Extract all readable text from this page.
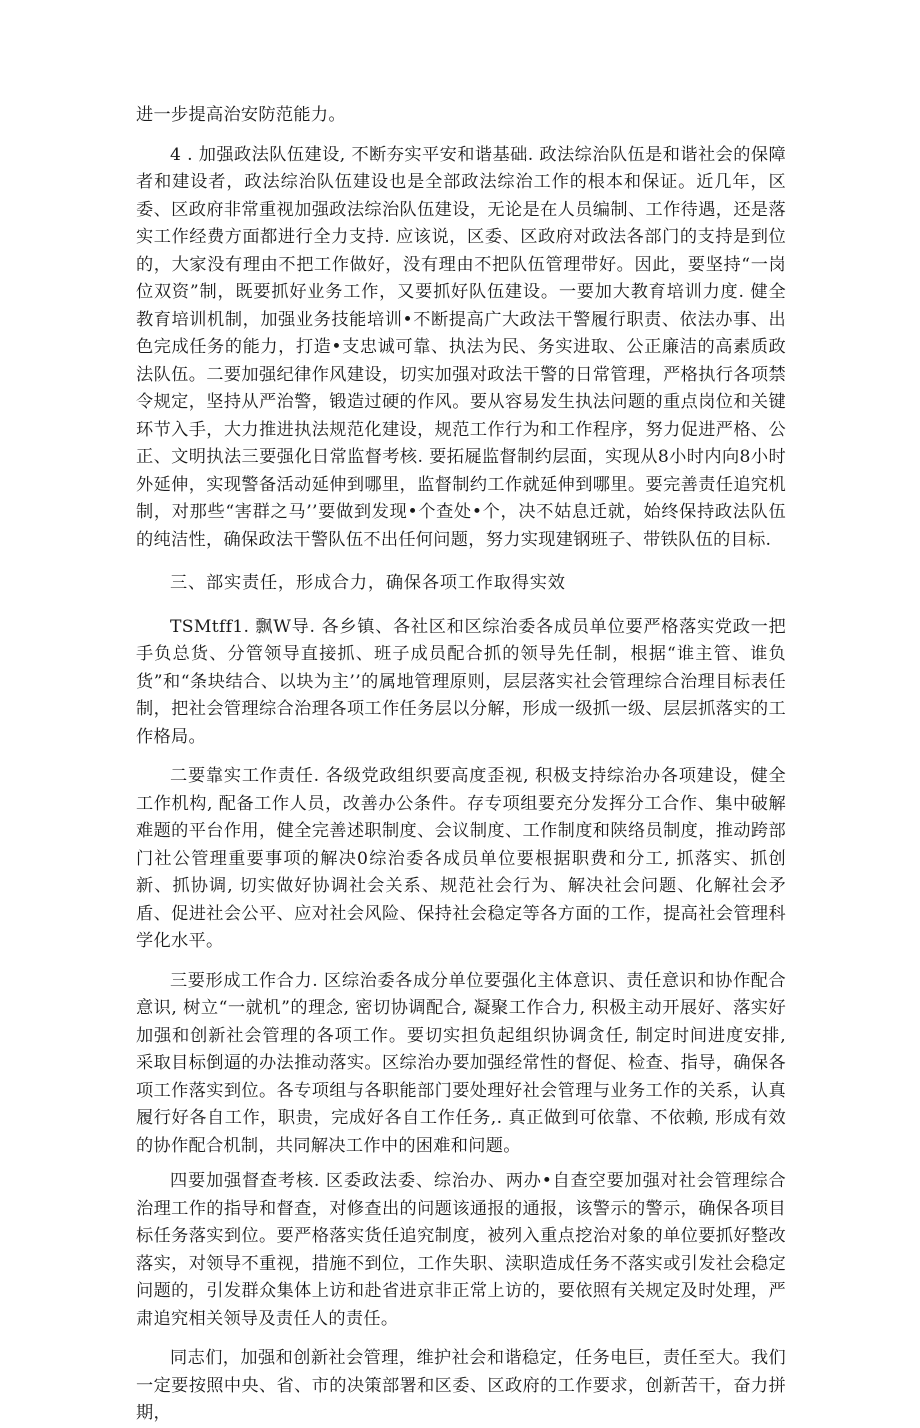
进一步提高治安防范能力。

4 . 加强政法队伍建设, 不断夯实平安和谐基础. 政法综治队伍是和谐社会的保障者和建设者，政法综治队伍建设也是全部政法综治工作的根本和保证。近几年，区委、区政府非常重视加强政法综治队伍建设，无论是在人员编制、工作待遇，还是落实工作经费方面都进行全力支持. 应该说，区委、区政府对政法各部门的支持是到位的，大家没有理由不把工作做好，没有理由不把队伍管理带好。因此，要坚持“一岗位双资”制，既要抓好业务工作，又要抓好队伍建设。一要加大教育培训力度. 健全教育培训机制，加强业务技能培训•不断提高广大政法干警履行职责、依法办事、出色完成任务的能力，打造•支忠诚可靠、执法为民、务实进取、公正廉洁的高素质政法队伍。二要加强纪律作风建设，切实加强对政法干警的日常管理，严格执行各项禁令规定，坚持从严治警，锻造过硬的作风。要从容易发生执法问题的重点岗位和关键环节入手，大力推进执法规范化建设，规范工作行为和工作程序，努力促进严格、公正、文明执法三要强化日常监督考核. 要拓屣监督制约层面，实现从8小时内向8小时外延伸，实现警备活动延伸到哪里，监督制约工作就延伸到哪里。要完善责任追究机制，对那些“害群之马’’要做到发现•个查处•个，决不姑息迁就，始终保持政法队伍的纯洁性，确保政法干警队伍不出任何问题，努力实现建钢班子、带铁队伍的目标.

三、部实责任，形成合力，确保各项工作取得实效

TSMtff1. 飘W导. 各乡镇、各社区和区综治委各成员单位要严格落实党政一把手负总货、分管领导直接抓、班子成员配合抓的领导先任制，根据“谁主管、谁负货”和“条块结合、以块为主’’的属地管理原则，层层落实社会管理综合治理目标表任制，把社会管理综合治理各项工作任务层以分解，形成一级抓一级、层层抓落实的工作格局。

二要靠实工作责任. 各级党政组织要高度歪视, 积极支持综治办各项建设，健全工作机构, 配备工作人员，改善办公条件。存专项组要充分发挥分工合作、集中破解难题的平台作用，健全完善述职制度、会议制度、工作制度和陕络员制度，推动跨部门社公管理重要事项的解决0综治委各成员单位要根据职费和分工, 抓落实、抓创新、抓协调, 切实做好协调社会关系、规范社会行为、解决社会问题、化解社会矛盾、促进社会公平、应对社会风险、保持社会稳定等各方面的工作，提高社会管理科学化水平。

三要形成工作合力. 区综治委各成分单位要强化主体意识、责任意识和协作配合意识, 树立“一就机”的理念, 密切协调配合, 凝聚工作合力, 积极主动开展好、落实好加强和创新社会管理的各项工作。要切实担负起组织协调贪任, 制定时间进度安排, 采取目标倒逼的办法推动落实。区综治办要加强经常性的督促、检查、指导，确保各项工作落实到位。各专项组与各职能部门要处理好社会管理与业务工作的关系，认真履行好各自工作，职贵，完成好各自工作任务,. 真正做到可依靠、不依赖, 形成有效的协作配合机制，共同解决工作中的困难和问题。

四要加强督查考核. 区委政法委、综治办、两办•自查空要加强对社会管理综合治理工作的指导和督查，对修查出的问题该通报的通报，该警示的警示，确保各项目标任务落实到位。要严格落实货任追究制度，被列入重点挖治对象的单位要抓好整改落实，对领导不重视，措施不到位，工作失职、渎职造成任务不落实或引发社会稳定问题的，引发群众集体上访和赴省进京非正常上访的，要依照有关规定及时处理，严肃追究相关领导及责任人的责任。

同志们，加强和创新社会管理，维护社会和谐稳定，任务电巨，责任至大。我们一定要按照中央、省、市的决策部署和区委、区政府的工作要求，创新苦干，奋力拼期，
